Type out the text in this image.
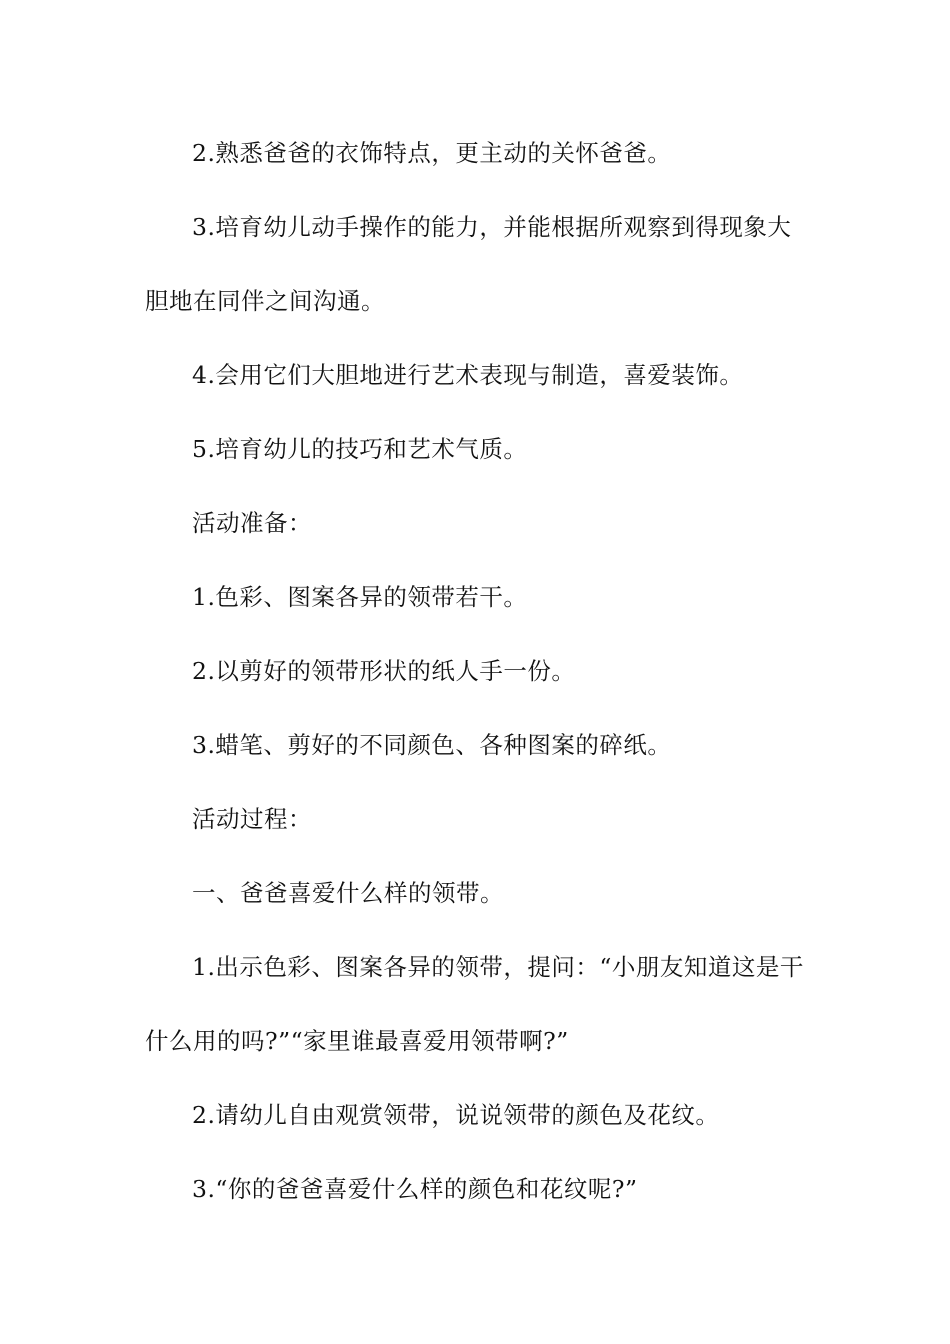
2.熟悉爸爸的衣饰特点，更主动的关怀爸爸。

3.培育幼儿动手操作的能力，并能根据所观察到得现象大胆地在同伴之间沟通。

4.会用它们大胆地进行艺术表现与制造，喜爱装饰。

5.培育幼儿的技巧和艺术气质。

活动准备：

1.色彩、图案各异的领带若干。

2.以剪好的领带形状的纸人手一份。

3.蜡笔、剪好的不同颜色、各种图案的碎纸。

活动过程：

一、爸爸喜爱什么样的领带。

1.出示色彩、图案各异的领带，提问：“小朋友知道这是干什么用的吗?”“家里谁最喜爱用领带啊?”

2.请幼儿自由观赏领带，说说领带的颜色及花纹。

3.“你的爸爸喜爱什么样的颜色和花纹呢?”
